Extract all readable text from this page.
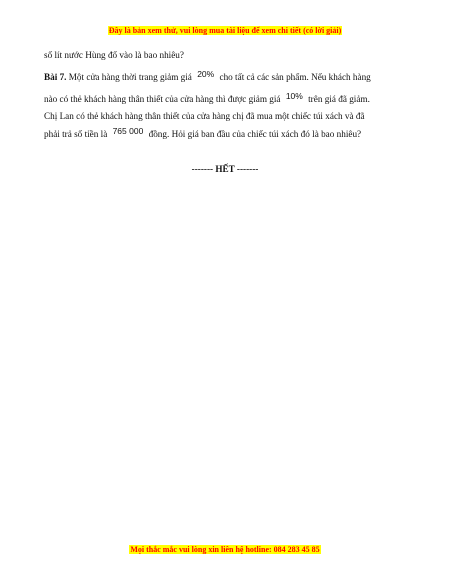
Đây là bản xem thử, vui lòng mua tài liệu để xem chi tiết (có lời giải)
số lít nước Hùng đổ vào là bao nhiêu?
Bài 7. Một cửa hàng thời trang giảm giá 20% cho tất cả các sản phẩm. Nếu khách hàng
nào có thẻ khách hàng thân thiết của cửa hàng thì được giảm giá 10% trên giá đã giảm.
Chị Lan có thẻ khách hàng thân thiết của cửa hàng chị đã mua một chiếc túi xách và đã
phải trả số tiền là 765 000 đồng. Hỏi giá ban đầu của chiếc túi xách đó là bao nhiêu?
------- HẾT -------
Mọi thắc mắc vui lòng xin liên hệ hotline: 084 283 45 85
